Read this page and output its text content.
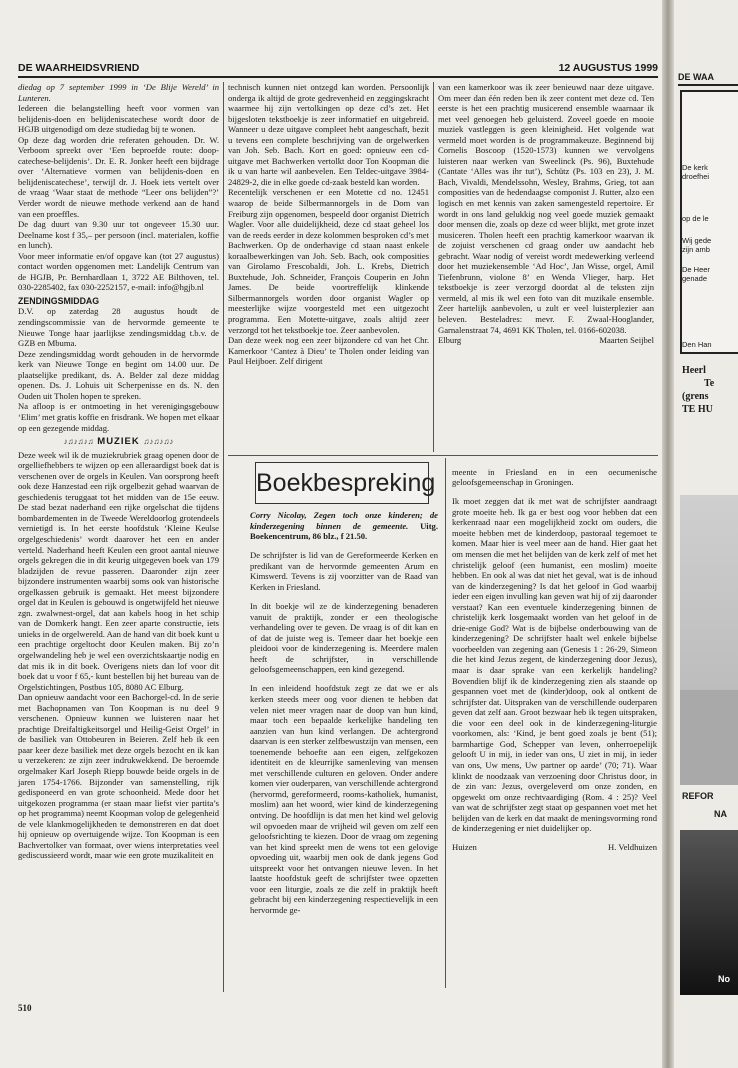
DE WAARHEIDSVRIEND	12 AUGUSTUS 1999

diedag op 7 september 1999 in ‘De Blije Wereld’ in Lunteren.

Iedereen die belangstelling heeft voor vormen van belijdenis-doen en belijdeniscatechese wordt door de HGJB uitgenodigd om deze studiedag bij te wonen.

Op deze dag worden drie referaten gehouden. Dr. W. Verboom spreekt over ‘Een beproefde route: doop-catechese-belijdenis’. Dr. E. R. Jonker heeft een bijdrage over ‘Alternatieve vormen van belijdenis-doen en belijdeniscatechese’, terwijl dr. J. Hoek iets vertelt over de vraag ‘Waar staat de methode “Leer ons belijden”?’ Verder wordt de nieuwe methode verkend aan de hand van een proeffles.

De dag duurt van 9.30 uur tot ongeveer 15.30 uur. Deelname kost f 35,– per persoon (incl. materialen, koffie en lunch).

Voor meer informatie en/of opgave kan (tot 27 augustus) contact worden opgenomen met: Landelijk Centrum van de HGJB, Pr. Bernhardlaan 1, 3722 AE Bilthoven, tel. 030-2285402, fax 030-2252157, e-mail: info@hgjb.nl

ZENDINGSMIDDAG

D.V. op zaterdag 28 augustus houdt de zendingscommissie van de hervormde gemeente te Nieuwe Tonge haar jaarlijkse zendingsmiddag t.b.v. de GZB en Mbuma.

Deze zendingsmiddag wordt gehouden in de hervormde kerk van Nieuwe Tonge en begint om 14.00 uur. De plaatselijke predikant, ds. A. Belder zal deze middag openen. Ds. J. Lohuis uit Scherpenisse en ds. N. den Ouden uit Tholen hopen te spreken.

Na afloop is er ontmoeting in het verenigingsgebouw ‘Elim’ met gratis koffie en frisdrank. We hopen met elkaar op een gezegende middag.

♪♫♪♫♪♫ MUZIEK ♫♪♫♪♫♪

Deze week wil ik de muziekrubriek graag openen door de orgelliefhebbers te wijzen op een alleraardigst boek dat is verschenen over de orgels in Keulen. Van oorsprong heeft ook deze Hanzestad een rijk orgelbezit gehad waarvan de geschiedenis teruggaat tot het midden van de 15e eeuw. De stad bezat naderhand een rijke orgelschat die tijdens bombardementen in de Tweede Wereldoorlog grotendeels vernietigd is. In het eerste hoofdstuk ‘Kleine Keulse orgelgeschiedenis’ wordt daarover het een en ander verteld. Naderhand heeft Keulen een groot aantal nieuwe orgels gekregen die in dit keurig uitgegeven boek van 179 bladzijden de revue passeren. Daaronder zijn zeer bijzondere instrumenten waarbij soms ook van historische orgelkassen gebruik is gemaakt. Het meest bijzondere orgel dat in Keulen is gebouwd is ongetwijfeld het nieuwe zgn. zwalwnest-orgel, dat aan kabels hoog in het schip van de Domkerk hangt. Een zeer aparte constructie, iets unieks in de orgelwereld. Aan de hand van dit boek kunt u een prachtige orgeltocht door Keulen maken. Bij zo’n orgelwandeling heb je wel een overzichtskaartje nodig en dat mis ik in dit boek. Overigens niets dan lof voor dit boek dat u voor f 65,- kunt bestellen bij het bureau van de Orgelstichtingen, Postbus 105, 8080 AC Elburg.

Dan opnieuw aandacht voor een Bachorgel-cd. In de serie met Bachopnamen van Ton Koopman is nu deel 9 verschenen. Opnieuw kunnen we luisteren naar het prachtige Dreifaltigkeitsorgel und Heilig-Geist Orgel’ in de basiliek van Ottobeuren in Beieren. Zelf heb ik een paar keer deze basiliek met deze orgels bezocht en ik kan u verzekeren: ze zijn zeer indrukwekkend. De beroemde orgelmaker Karl Joseph Riepp bouwde beide orgels in de jaren 1754-1766. Bijzonder van samenstelling, rijk gedisponeerd en van grote schoonheid. Mede door het uitgekozen programma (er staan maar liefst vier partita’s op het programma) neemt Koopman volop de gelegenheid de vele klankmogelijkheden te demonstreren en dat doet hij opnieuw op overtuigende wijze. Ton Koopman is een Bachvertolker van formaat, over wiens interpretaties veel gediscussieerd wordt, maar wie een grote muzikaliteit en

technisch kunnen niet ontzegd kan worden. Persoonlijk onderga ik altijd de grote gedrevenheid en zeggingskracht waarmee hij zijn vertolkingen op deze cd’s zet. Het bijgesloten tekstboekje is zeer informatief en uitgebreid. Wanneer u deze uitgave compleet hebt aangeschaft, bezit u tevens een complete beschrijving van de orgelwerken van Joh. Seb. Bach. Kort en goed: opnieuw een cd-uitgave met Bachwerken vertolkt door Ton Koopman die ik u van harte wil aanbevelen. Een Teldec-uitgave 3984-24829-2, die in elke goede cd-zaak besteld kan worden.

Recentelijk verschenen er een Motette cd no. 12451 waarop de beide Silbermannorgels in de Dom van Freiburg zijn opgenomen, bespeeld door organist Dietrich Wagler. Voor alle duidelijkheid, deze cd staat geheel los van de reeds eerder in deze kolommen besproken cd’s met Bachwerken. Op de onderhavige cd staan naast enkele koraalbewerkingen van Joh. Seb. Bach, ook composities van Girolamo Frescobaldi, Joh. L. Krebs, Dietrich Buxtehude, Joh. Schneider, François Couperin en John James. De beide voortreffelijk klinkende Silbermannorgels worden door organist Wagler op meesterlijke wijze voorgesteld met een uitgezocht programma. Een Motette-uitgave, zoals altijd zeer verzorgd tot het tekstboekje toe. Zeer aanbevolen.

Dan deze week nog een zeer bijzondere cd van het Chr. Kamerkoor ‘Cantez à Dieu’ te Tholen onder leiding van Paul Heijboer. Zelf dirigent

van een kamerkoor was ik zeer benieuwd naar deze uitgave. Om meer dan één reden ben ik zeer content met deze cd. Ten eerste is het een prachtig musicerend ensemble waarnaar ik met veel genoegen heb geluisterd. Zoveel goede en mooie muziek vastleggen is geen kleinigheid. Het volgende wat vermeld moet worden is de programmakeuze. Beginnend bij Cornelis Boscoop (1520-1573) kunnen we vervolgens luisteren naar werken van Sweelinck (Ps. 96), Buxtehude (Cantate ‘Alles was ihr tut’), Schütz (Ps. 103 en 23), J. M. Bach, Vivaldi, Mendelssohn, Wesley, Brahms, Grieg, tot aan composities van de hedendaagse componist J. Rutter, alzo een logisch en met kennis van zaken samengesteld repertoire. Er wordt in ons land gelukkig nog veel goede muziek gemaakt door mensen die, zoals op deze cd weer blijkt, met grote inzet musiceren. Tholen heeft een prachtig kamerkoor waarvan ik de zojuist verschenen cd graag onder uw aandacht heb gebracht. Waar nodig of vereist wordt medewerking verleend door het muziekensemble ‘Ad Hoc’, Jan Wisse, orgel, Amil Tiefenbrunn, violone 8’ en Wenda Vlieger, harp. Het tekstboekje is zeer verzorgd doordat al de teksten zijn vermeld, al mis ik wel een foto van dit muzikale ensemble. Zeer hartelijk aanbevolen, u zult er veel luisterplezier aan beleven. Besteladres: mevr. F. Zwaal-Hooglander, Garnalenstraat 74, 4691 KK Tholen, tel. 0166-602038.

Elburg	Maarten Seijbel
Boekbespreking
Corry Nicolay, Zegen toch onze kinderen; de kinderzegening binnen de gemeente. Uitg. Boekencentrum, 86 blz., f 21.50.

De schrijfster is lid van de Gereformeerde Kerken en predikant van de hervormde gemeenten Arum en Kimswerd. Tevens is zij voorzitter van de Raad van Kerken in Friesland.

In dit boekje wil ze de kinderzegening benaderen vanuit de praktijk, zonder er een theologische verhandeling over te geven. De vraag is of dit kan en of dat de juiste weg is. Temeer daar het boekje een pleidooi voor de kinderzegening is. Meerdere malen heeft de schrijfster, in verschillende geloofsgemeenschappen, een kind gezegend.

In een inleidend hoofdstuk zegt ze dat we er als kerken steeds meer oog voor dienen te hebben dat velen niet meer vragen naar de doop van hun kind, maar toch een bepaalde kerkelijke handeling ten aanzien van hun kind verlangen. De achtergrond daarvan is een sterker zelfbewustzijn van mensen, een toenemende behoefte aan een eigen, zelfgekozen identiteit en de kleurrijke samenleving van mensen met verschillende culturen en geloven. Onder andere komen vier ouderparen, van verschillende achtergrond (hervormd, gereformeerd, rooms-katholiek, humanist, moslim) aan het woord, wier kind de kinderzegening ontving. De hoofdlijn is dat men het kind wel gelovig wil opvoeden maar de vrijheid wil geven om zelf een geloofsrichting te kiezen. Door de vraag om zegening van het kind spreekt men de wens tot een gelovige opvoeding uit, waarbij men ook de dank jegens God uitspreekt voor het ontvangen nieuwe leven. In het laatste hoofdstuk geeft de schrijfster twee opzetten voor een liturgie, zoals ze die zelf in praktijk heeft gebracht bij een kinderzegening respectievelijk in een hervormde ge-

meente in Friesland en in een oecumenische geloofsgemeenschap in Groningen.

Ik moet zeggen dat ik met wat de schrijfster aandraagt grote moeite heb. Ik ga er best oog voor hebben dat een kerkenraad naar een mogelijkheid zockt om ouders, die moeite hebben met de kinderdoop, pastoraal tegemoet te komen. Maar hier is veel meer aan de hand. Hier gaat het om mensen die met het belijden van de kerk zelf of met het christelijk geloof (een humanist, een moslim) moeite hebben. En ook al was dat niet het geval, wat is de inhoud van de kinderzegening? Is dat het geloof in God waarbij ieder een eigen invulling kan geven wat hij of zij daaronder verstaat? Kan een eventuele kinderzegening binnen de christelijk kerk losgemaakt worden van het geloof in de drie-enige God? Wat is de bijbelse onderbouwing van de kinderzegening? De schrijfster haalt wel enkele bijbelse voorbeelden van zegening aan (Genesis 1 : 26-29, Simeon die het kind Jezus zegent, de kinderzegening door Jezus), maar is daar sprake van een kerkelijk handeling? Bovendien blijf ik de kinderzegening zien als staande op gespannen voet met de (kinder)doop, ook al ontkent de schrijfster dat. Uitspraken van de verschillende ouderparen geven dat zelf aan. Groot bezwaar heb ik tegen uitspraken, die voor een deel ook in de kinderzegening-liturgie voorkomen, als: ‘Kind, je bent goed zoals je bent (51); barmhartige God, Schepper van leven, onherroepelijk gelooft U in mij, in ieder van ons, U ziet in mij, in ieder van ons, Uw mens, Uw partner op aarde’ (70; 71). Waar klinkt de noodzaak van verzoening door Christus door, in de zin van: Jezus, overgeleverd om onze zonden, en opgewekt om onze rechtvaardiging (Rom. 4 : 25)? Veel van wat de schrijfster zegt staat op gespannen voet met het belijden van de kerk en dat maakt de meningsvorming rond de kinderzegening er niet duidelijker op.

Huizen	H. Veldhuizen
510
DE WAA
De kerk
droefhei
op de le
Wij gede
zijn amb
De Heer
genade
Den Han
Heerl
Te
(grens
TE HU
REFOR
NA
No
